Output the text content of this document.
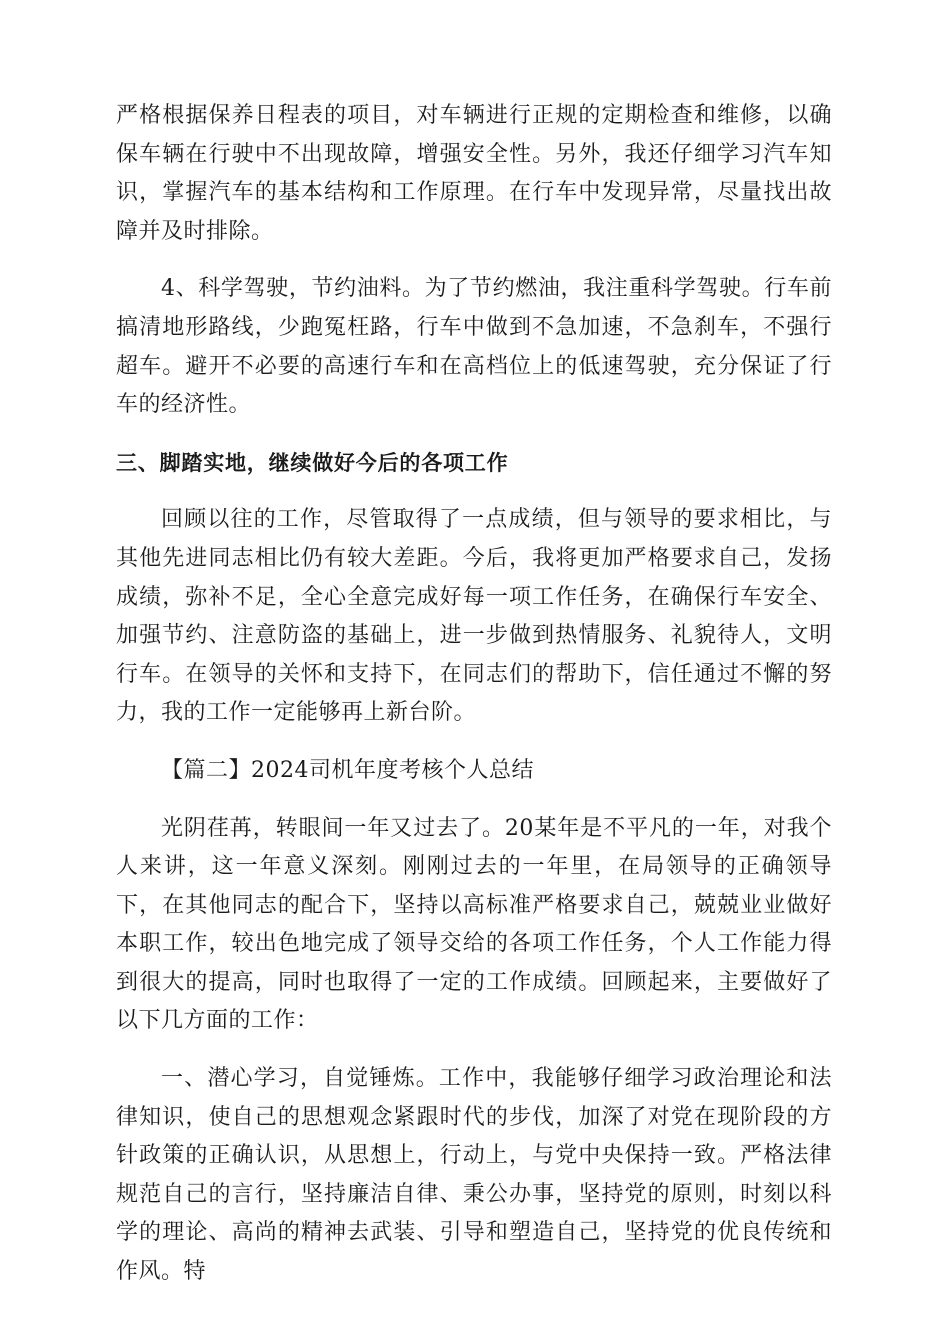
严格根据保养日程表的项目，对车辆进行正规的定期检查和维修，以确保车辆在行驶中不出现故障，增强安全性。另外，我还仔细学习汽车知识，掌握汽车的基本结构和工作原理。在行车中发现异常，尽量找出故障并及时排除。

4、科学驾驶，节约油料。为了节约燃油，我注重科学驾驶。行车前搞清地形路线，少跑冤枉路，行车中做到不急加速，不急刹车，不强行超车。避开不必要的高速行车和在高档位上的低速驾驶，充分保证了行车的经济性。

三、脚踏实地，继续做好今后的各项工作

回顾以往的工作，尽管取得了一点成绩，但与领导的要求相比，与其他先进同志相比仍有较大差距。今后，我将更加严格要求自己，发扬成绩，弥补不足，全心全意完成好每一项工作任务，在确保行车安全、加强节约、注意防盗的基础上，进一步做到热情服务、礼貌待人，文明行车。在领导的关怀和支持下，在同志们的帮助下，信任通过不懈的努力，我的工作一定能够再上新台阶。

【篇二】2024司机年度考核个人总结

光阴荏苒，转眼间一年又过去了。20某年是不平凡的一年，对我个人来讲，这一年意义深刻。刚刚过去的一年里，在局领导的正确领导下，在其他同志的配合下，坚持以高标准严格要求自己，兢兢业业做好本职工作，较出色地完成了领导交给的各项工作任务，个人工作能力得到很大的提高，同时也取得了一定的工作成绩。回顾起来，主要做好了以下几方面的工作：

一、潜心学习，自觉锤炼。工作中，我能够仔细学习政治理论和法律知识，使自己的思想观念紧跟时代的步伐，加深了对党在现阶段的方针政策的正确认识，从思想上，行动上，与党中央保持一致。严格法律规范自己的言行，坚持廉洁自律、秉公办事，坚持党的原则，时刻以科学的理论、高尚的精神去武装、引导和塑造自己，坚持党的优良传统和作风。特
